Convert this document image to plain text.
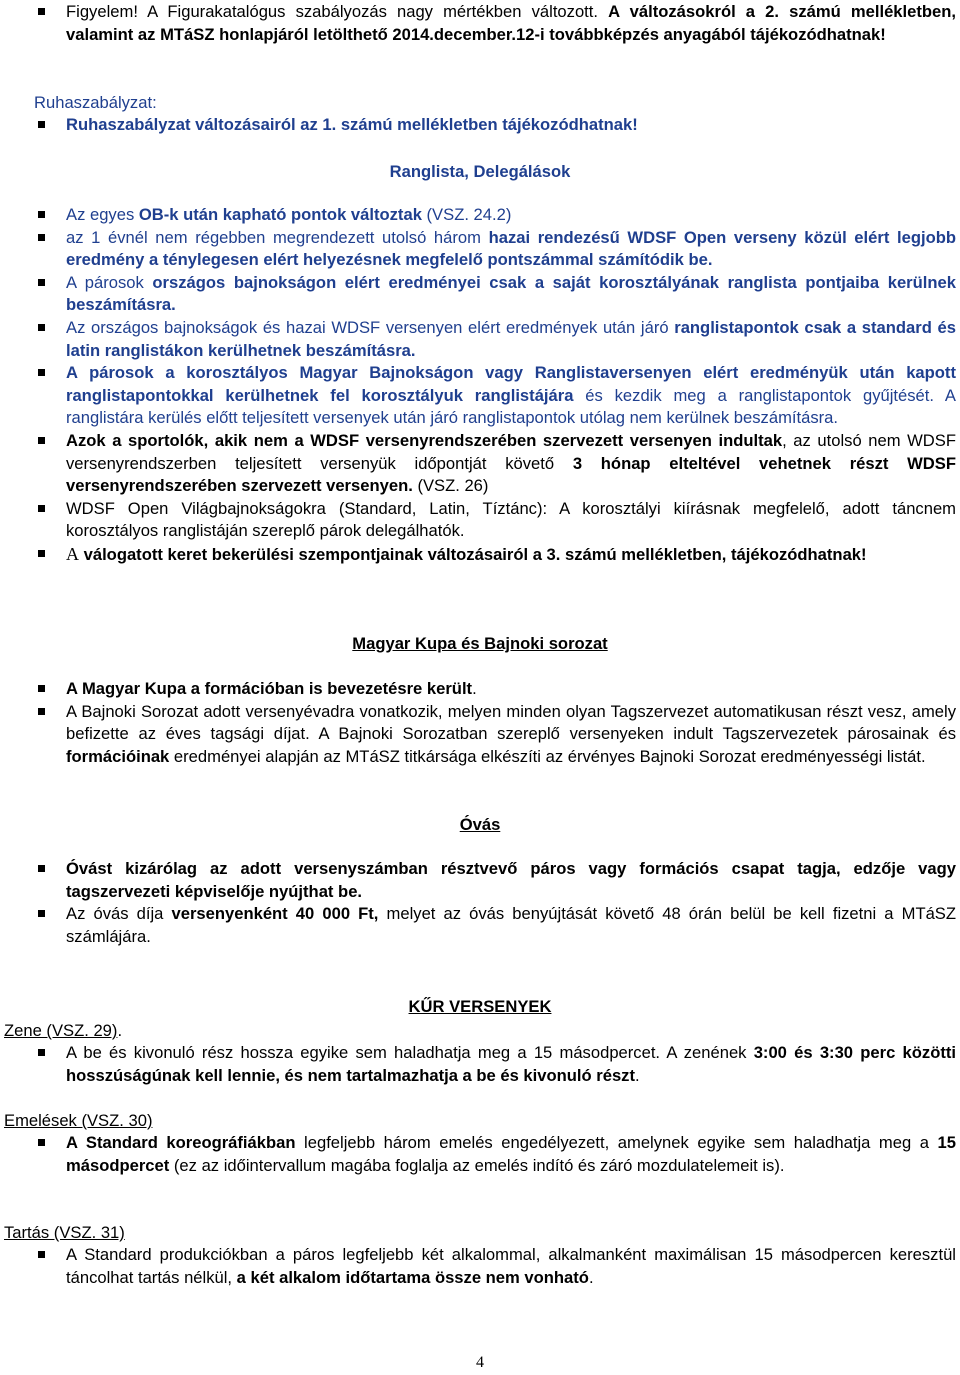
Figyelem! A Figurakatalógus szabályozás nagy mértékben változott. A változásokról a 2. számú mellékletben, valamint az MTáSZ honlapjáról letölthető 2014.december.12-i továbbképzés anyagából tájékozódhatnak!
Ruhaszabályzat:
Ruhaszabályzat változásairól az 1. számú mellékletben tájékozódhatnak!
Ranglista, Delegálások
Az egyes OB-k után kapható pontok változtak (VSZ. 24.2)
az 1 évnél nem régebben megrendezett utolsó három hazai rendezésű WDSF Open verseny közül elért legjobb eredmény a ténylegesen elért helyezésnek megfelelő pontszámmal számítódik be.
A párosok országos bajnokságon elért eredményei csak a saját korosztályának ranglista pontjaiba kerülnek beszámításra.
Az országos bajnokságok és hazai WDSF versenyen elért eredmények után járó ranglistapontok csak a standard és latin ranglistákon kerülhetnek beszámításra.
A párosok a korosztályos Magyar Bajnokságon vagy Ranglistaversenyen elért eredményük után kapott ranglistapontokkal kerülhetnek fel korosztályuk ranglistájára és kezdik meg a ranglistapontok gyűjtését. A ranglistára kerülés előtt teljesített versenyek után járó ranglistapontok utólag nem kerülnek beszámításra.
Azok a sportolók, akik nem a WDSF versenyrendszerében szervezett versenyen indultak, az utolsó nem WDSF versenyrendszerben teljesített versenyük időpontját követő 3 hónap elteltével vehetnek részt WDSF versenyrendszerében szervezett versenyen. (VSZ. 26)
WDSF Open Világbajnokságokra (Standard, Latin, Tíztánc): A korosztályi kiírásnak megfelelő, adott táncnem korosztályos ranglistáján szereplő párok delegálhatók.
A válogatott keret bekerülési szempontjainak változásairól a 3. számú mellékletben, tájékozódhatnak!
Magyar Kupa és Bajnoki sorozat
A Magyar Kupa a formációban is bevezetésre került.
A Bajnoki Sorozat adott versenyévadra vonatkozik, melyen minden olyan Tagszervezet automatikusan részt vesz, amely befizette az éves tagsági díjat. A Bajnoki Sorozatban szereplő versenyeken indult Tagszervezetek párosainak és formációinak eredményei alapján az MTáSZ titkársága elkészíti az érvényes Bajnoki Sorozat eredményességi listát.
Óvás
Óvást kizárólag az adott versenyszámban résztvevő páros vagy formációs csapat tagja, edzője vagy tagszervezeti képviselője nyújthat be.
Az óvás díja versenyenként 40 000 Ft, melyet az óvás benyújtását követő 48 órán belül be kell fizetni a MTáSZ számlájára.
KŰR VERSENYEK
Zene (VSZ. 29).
A be és kivonuló rész hossza egyike sem haladhatja meg a 15 másodpercet. A zenének 3:00 és 3:30 perc közötti hosszúságúnak kell lennie, és nem tartalmazhatja a be és kivonuló részt.
Emelések (VSZ. 30)
A Standard koreográfiákban legfeljebb három emelés engedélyezett, amelynek egyike sem haladhatja meg a 15 másodpercet (ez az időintervallum magába foglalja az emelés indító és záró mozdulatelemeit is).
Tartás (VSZ. 31)
A Standard produkciókban a páros legfeljebb két alkalommal, alkalmanként maximálisan 15 másodpercen keresztül táncolhat tartás nélkül, a két alkalom időtartama össze nem vonható.
4
